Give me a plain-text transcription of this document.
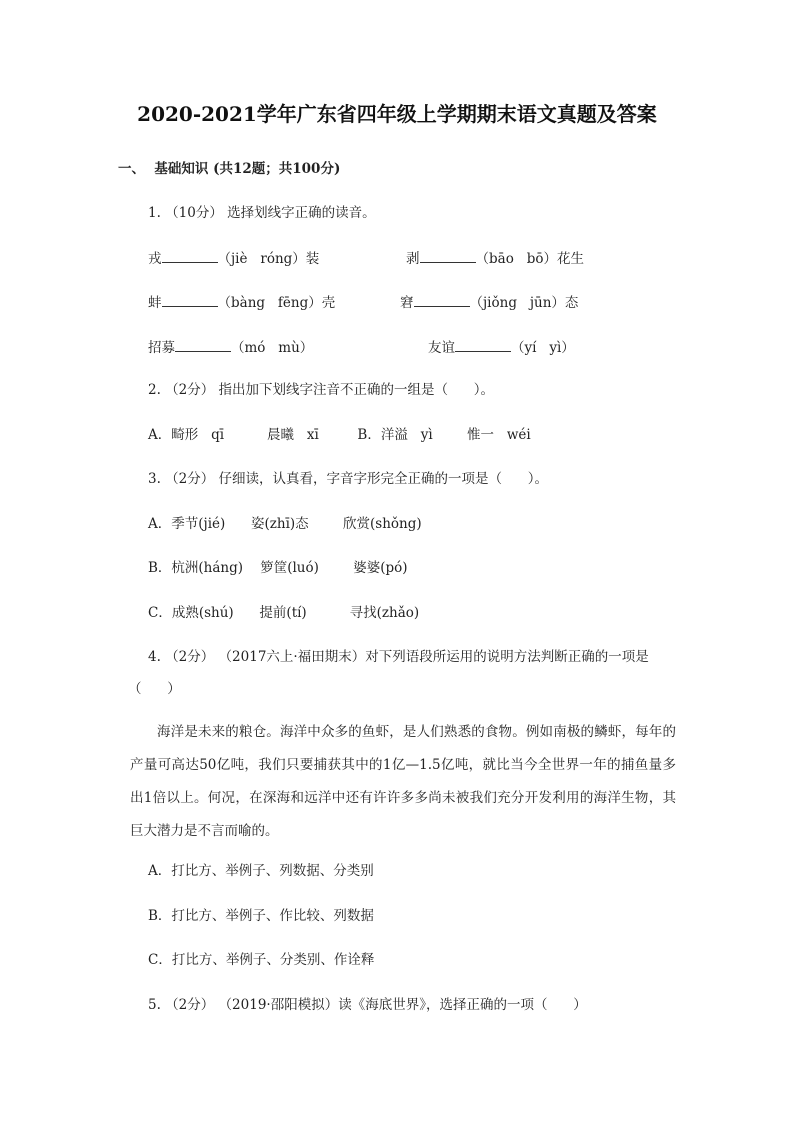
2020-2021学年广东省四年级上学期期末语文真题及答案
一、  基础知识 (共12题；共100分)
1. （10分） 选择划线字正确的读音。
戎	（jiè   róng）装	剥	（bāo   bō）花生
蚌	（bàng   fēng）壳	窘	（jiǒng   jūn）态
招募	（mó   mù）	友谊	（yí   yì）
2. （2分） 指出加下划线字注音不正确的一组是（      ）。
A．畸形   qī          晨曦   xī         B．洋溢   yì        惟一   wéi
3. （2分） 仔细读，认真看，字音字形完全正确的一项是（      ）。
A．季节(jié)      姿(zhī)态        欣赏(shǒng)
B．杭洲(háng)    箩筐(luó)        婆婆(pó)
C．成熟(shú)      提前(tí)          寻找(zhǎo)
4. （2分） （2017六上·福田期末）对下列语段所运用的说明方法判断正确的一项是
（      ）
海洋是未来的粮仓。海洋中众多的鱼虾，是人们熟悉的食物。例如南极的鳞虾，每年的产量可高达50亿吨，我们只要捕获其中的1亿—1.5亿吨，就比当今全世界一年的捕鱼量多出1倍以上。何况，在深海和远洋中还有许许多多尚未被我们充分开发利用的海洋生物，其巨大潜力是不言而喻的。
A．打比方、举例子、列数据、分类别
B．打比方、举例子、作比较、列数据
C．打比方、举例子、分类别、作诠释
5. （2分） （2019·邵阳模拟）读《海底世界》，选择正确的一项（      ）
